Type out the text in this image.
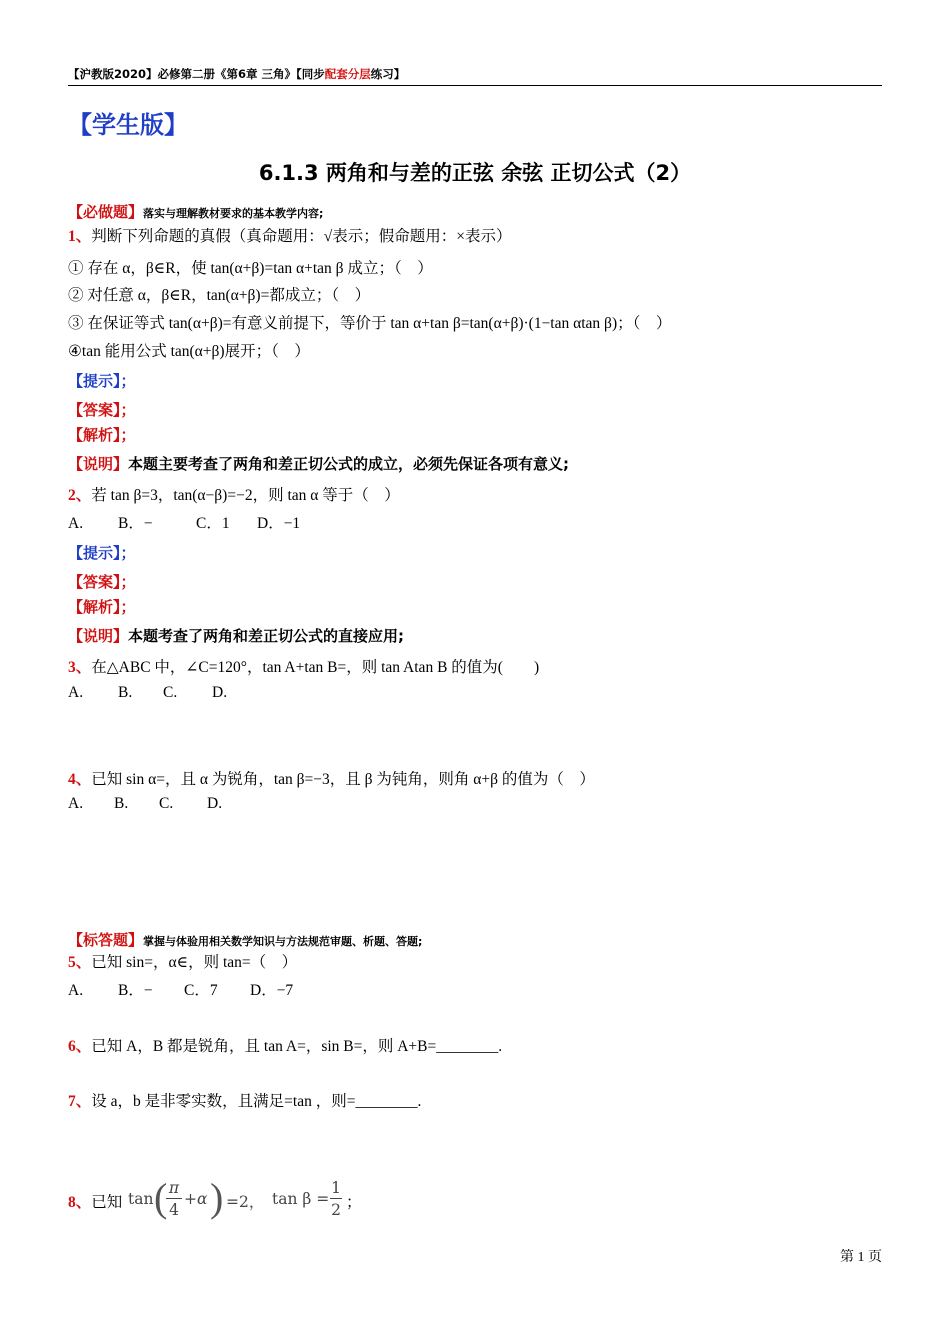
【沪教版2020】必修第二册《第6章 三角》【同步配套分层练习】
【学生版】
6.1.3 两角和与差的正弦 余弦 正切公式（2）
【必做题】落实与理解教材要求的基本教学内容;
1、判断下列命题的真假（真命题用：√表示；假命题用：×表示）
① 存在 α，β∈R，使 tan(α+β)=tan α+tan β 成立；（　）
② 对任意 α，β∈R，tan(α+β)=都成立；（　）
③ 在保证等式 tan(α+β)=有意义前提下，等价于 tan α+tan β=tan(α+β)·(1−tan αtan β)；（　）
④tan 能用公式 tan(α+β)展开；（　）
【提示】；
【答案】；
【解析】；
【说明】本题主要考查了两角和差正切公式的成立，必须先保证各项有意义;
2、若 tan β=3，tan(α−β)=−2，则 tan α 等于（　）
A. B．−	C．1 D．−1
【提示】；
【答案】；
【解析】；
【说明】本题考查了两角和差正切公式的直接应用;
3、在△ABC 中，∠C=120°，tan A+tan B=，则 tan Atan B 的值为(　　)
A. B. C. D.
4、已知 sin α=，且 α 为锐角，tan β=−3，且 β 为钝角，则角 α+β 的值为（　）
A. B. C. D.
【标答题】掌握与体验用相关数学知识与方法规范审题、析题、答题;
5、已知 sin=，α∈，则 tan=（　）
A. B．− C．7 D．−7
6、已知 A，B 都是锐角，且 tan A=，sin B=，则 A+B=________.
7、设 a，b 是非零实数，且满足=tan ，则=________.
8、已知 tan ( π
4
+α ) =2， tan β =
1
2 ；
第 1 页
